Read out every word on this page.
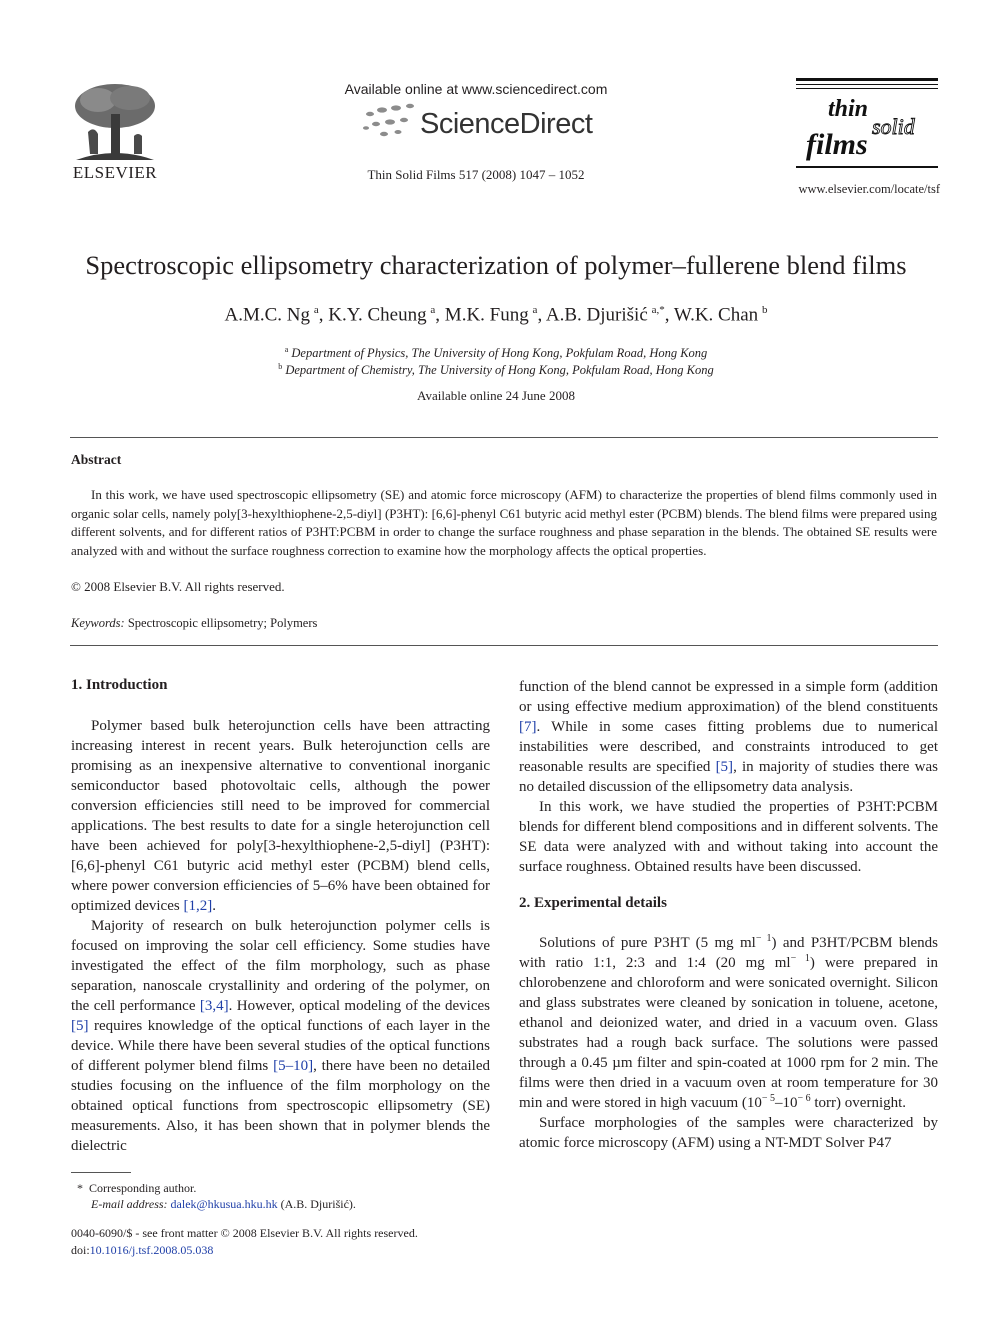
ELSEVIER
Available online at www.sciencedirect.com
ScienceDirect
Thin Solid Films 517 (2008) 1047 – 1052
thin
solid
films
www.elsevier.com/locate/tsf
Spectroscopic ellipsometry characterization of polymer–fullerene blend films
A.M.C. Ng  $^a$, K.Y. Cheung  $^a$, M.K. Fung  $^a$, A.B. Djurišić  $^{a,*}$, W.K. Chan  $^b$
$^a$ Department of Physics, The University of Hong Kong, Pokfulam Road, Hong Kong
$^b$ Department of Chemistry, The University of Hong Kong, Pokfulam Road, Hong Kong
Available online 24 June 2008
Abstract
In this work, we have used spectroscopic ellipsometry (SE) and atomic force microscopy (AFM) to characterize the properties of blend films commonly used in organic solar cells, namely poly[3-hexylthiophene-2,5-diyl] (P3HT): [6,6]-phenyl C61 butyric acid methyl ester (PCBM) blends. The blend films were prepared using different solvents, and for different ratios of P3HT:PCBM in order to change the surface roughness and phase separation in the blends. The obtained SE results were analyzed with and without the surface roughness correction to examine how the morphology affects the optical properties.
© 2008 Elsevier B.V. All rights reserved.
Keywords: Spectroscopic ellipsometry; Polymers
1. Introduction

Polymer based bulk heterojunction cells have been attracting increasing interest in recent years. Bulk heterojunction cells are promising as an inexpensive alternative to conventional inorganic semiconductor based photovoltaic cells, although the power conversion efficiencies still need to be improved for commercial applications. The best results to date for a single heterojunction cell have been achieved for poly[3-hexylthiophene-2,5-diyl] (P3HT): [6,6]-phenyl C61 butyric acid methyl ester (PCBM) blend cells, where power conversion efficiencies of 5–6% have been obtained for optimized devices [1,2].

Majority of research on bulk heterojunction polymer cells is focused on improving the solar cell efficiency. Some studies have investigated the effect of the film morphology, such as phase separation, nanoscale crystallinity and ordering of the polymer, on the cell performance [3,4]. However, optical modeling of the devices [5] requires knowledge of the optical functions of each layer in the device. While there have been several studies of the optical functions of different polymer blend films [5–10], there have been no detailed studies focusing on the influence of the film morphology on the obtained optical functions from spectroscopic ellipsometry (SE) measurements. Also, it has been shown that in polymer blends the dielectric

function of the blend cannot be expressed in a simple form (addition or using effective medium approximation) of the blend constituents [7]. While in some cases fitting problems due to numerical instabilities were described, and constraints introduced to get reasonable results are specified [5], in majority of studies there was no detailed discussion of the ellipsometry data analysis.

In this work, we have studied the properties of P3HT:PCBM blends for different blend compositions and in different solvents. The SE data were analyzed with and without taking into account the surface roughness. Obtained results have been discussed.

2. Experimental details

Solutions of pure P3HT (5 mg $ml^{- 1}$) and P3HT/PCBM blends with ratio 1:1, 2:3 and 1:4 (20 mg $ml^{- 1}$) were prepared in chlorobenzene and chloroform and were sonicated overnight. Silicon and glass substrates were cleaned by sonication in toluene, acetone, ethanol and deionized water, and dried in a vacuum oven. Glass substrates had a rough back surface. The solutions were passed through a 0.45 µm filter and spin-coated at 1000 rpm for 2 min. The films were then dried in a vacuum oven at room temperature for 30 min and were stored in high vacuum ($10^{- 5}-10^{- 6}$ torr) overnight.

Surface morphologies of the samples were characterized by atomic force microscopy (AFM) using a NT-MDT Solver P47

* Corresponding author.
E-mail address: dalek@hkusua.hku.hk (A.B. Djurišić).
0040-6090/$ - see front matter © 2008 Elsevier B.V. All rights reserved.
doi:10.1016/j.tsf.2008.05.038
